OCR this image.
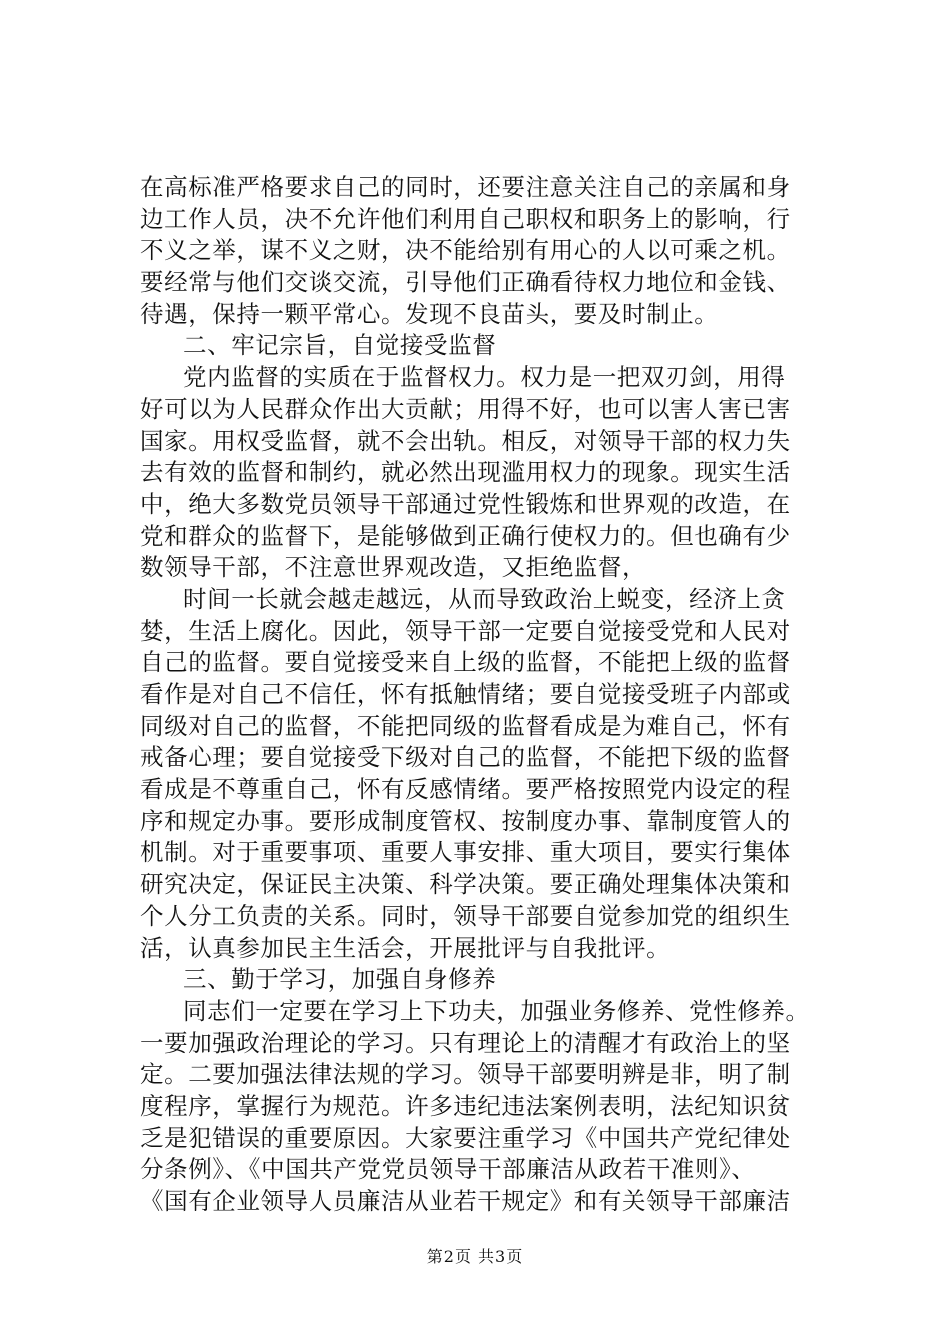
在高标准严格要求自己的同时，还要注意关注自己的亲属和身
边工作人员，决不允许他们利用自己职权和职务上的影响，行
不义之举，谋不义之财，决不能给别有用心的人以可乘之机。
要经常与他们交谈交流，引导他们正确看待权力地位和金钱、
待遇，保持一颗平常心。发现不良苗头，要及时制止。
二、牢记宗旨，自觉接受监督
党内监督的实质在于监督权力。权力是一把双刃剑，用得
好可以为人民群众作出大贡献；用得不好，也可以害人害已害
国家。用权受监督，就不会出轨。相反，对领导干部的权力失
去有效的监督和制约，就必然出现滥用权力的现象。现实生活
中，绝大多数党员领导干部通过党性锻炼和世界观的改造，在
党和群众的监督下，是能够做到正确行使权力的。但也确有少
数领导干部，不注意世界观改造，又拒绝监督，
时间一长就会越走越远，从而导致政治上蜕变，经济上贪
婪，生活上腐化。因此，领导干部一定要自觉接受党和人民对
自己的监督。要自觉接受来自上级的监督，不能把上级的监督
看作是对自己不信任，怀有抵触情绪；要自觉接受班子内部或
同级对自己的监督，不能把同级的监督看成是为难自己，怀有
戒备心理；要自觉接受下级对自己的监督，不能把下级的监督
看成是不尊重自己，怀有反感情绪。要严格按照党内设定的程
序和规定办事。要形成制度管权、按制度办事、靠制度管人的
机制。对于重要事项、重要人事安排、重大项目，要实行集体
研究决定，保证民主决策、科学决策。要正确处理集体决策和
个人分工负责的关系。同时，领导干部要自觉参加党的组织生
活，认真参加民主生活会，开展批评与自我批评。
三、勤于学习，加强自身修养
同志们一定要在学习上下功夫，加强业务修养、党性修养。
一要加强政治理论的学习。只有理论上的清醒才有政治上的坚
定。二要加强法律法规的学习。领导干部要明辨是非，明了制
度程序，掌握行为规范。许多违纪违法案例表明，法纪知识贫
乏是犯错误的重要原因。大家要注重学习《中国共产党纪律处
分条例》、《中国共产党党员领导干部廉洁从政若干准则》、
《国有企业领导人员廉洁从业若干规定》和有关领导干部廉洁
第2页 共3页
